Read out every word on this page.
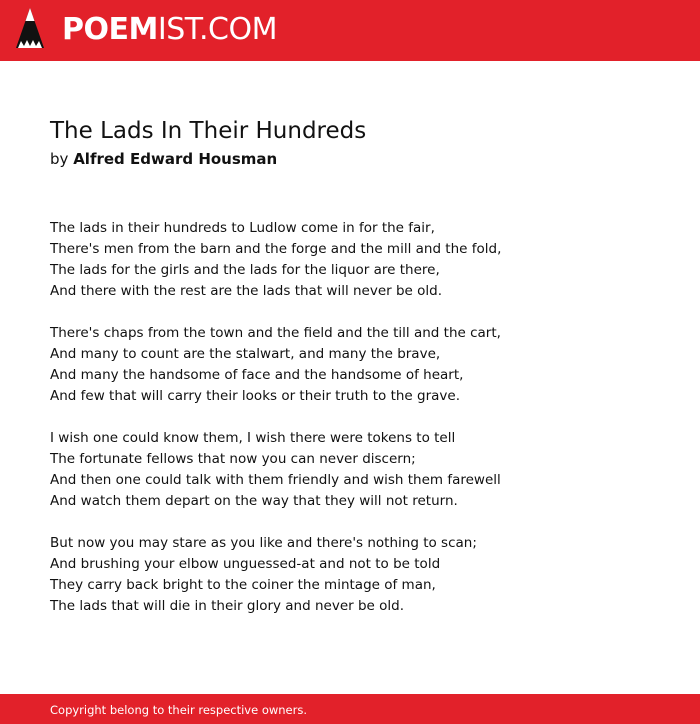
POEMIST.COM
The Lads In Their Hundreds
by Alfred Edward Housman
The lads in their hundreds to Ludlow come in for the fair,
There's men from the barn and the forge and the mill and the fold,
The lads for the girls and the lads for the liquor are there,
And there with the rest are the lads that will never be old.
There's chaps from the town and the field and the till and the cart,
And many to count are the stalwart, and many the brave,
And many the handsome of face and the handsome of heart,
And few that will carry their looks or their truth to the grave.
I wish one could know them, I wish there were tokens to tell
The fortunate fellows that now you can never discern;
And then one could talk with them friendly and wish them farewell
And watch them depart on the way that they will not return.
But now you may stare as you like and there's nothing to scan;
And brushing your elbow unguessed-at and not to be told
They carry back bright to the coiner the mintage of man,
The lads that will die in their glory and never be old.
Copyright belong to their respective owners.
